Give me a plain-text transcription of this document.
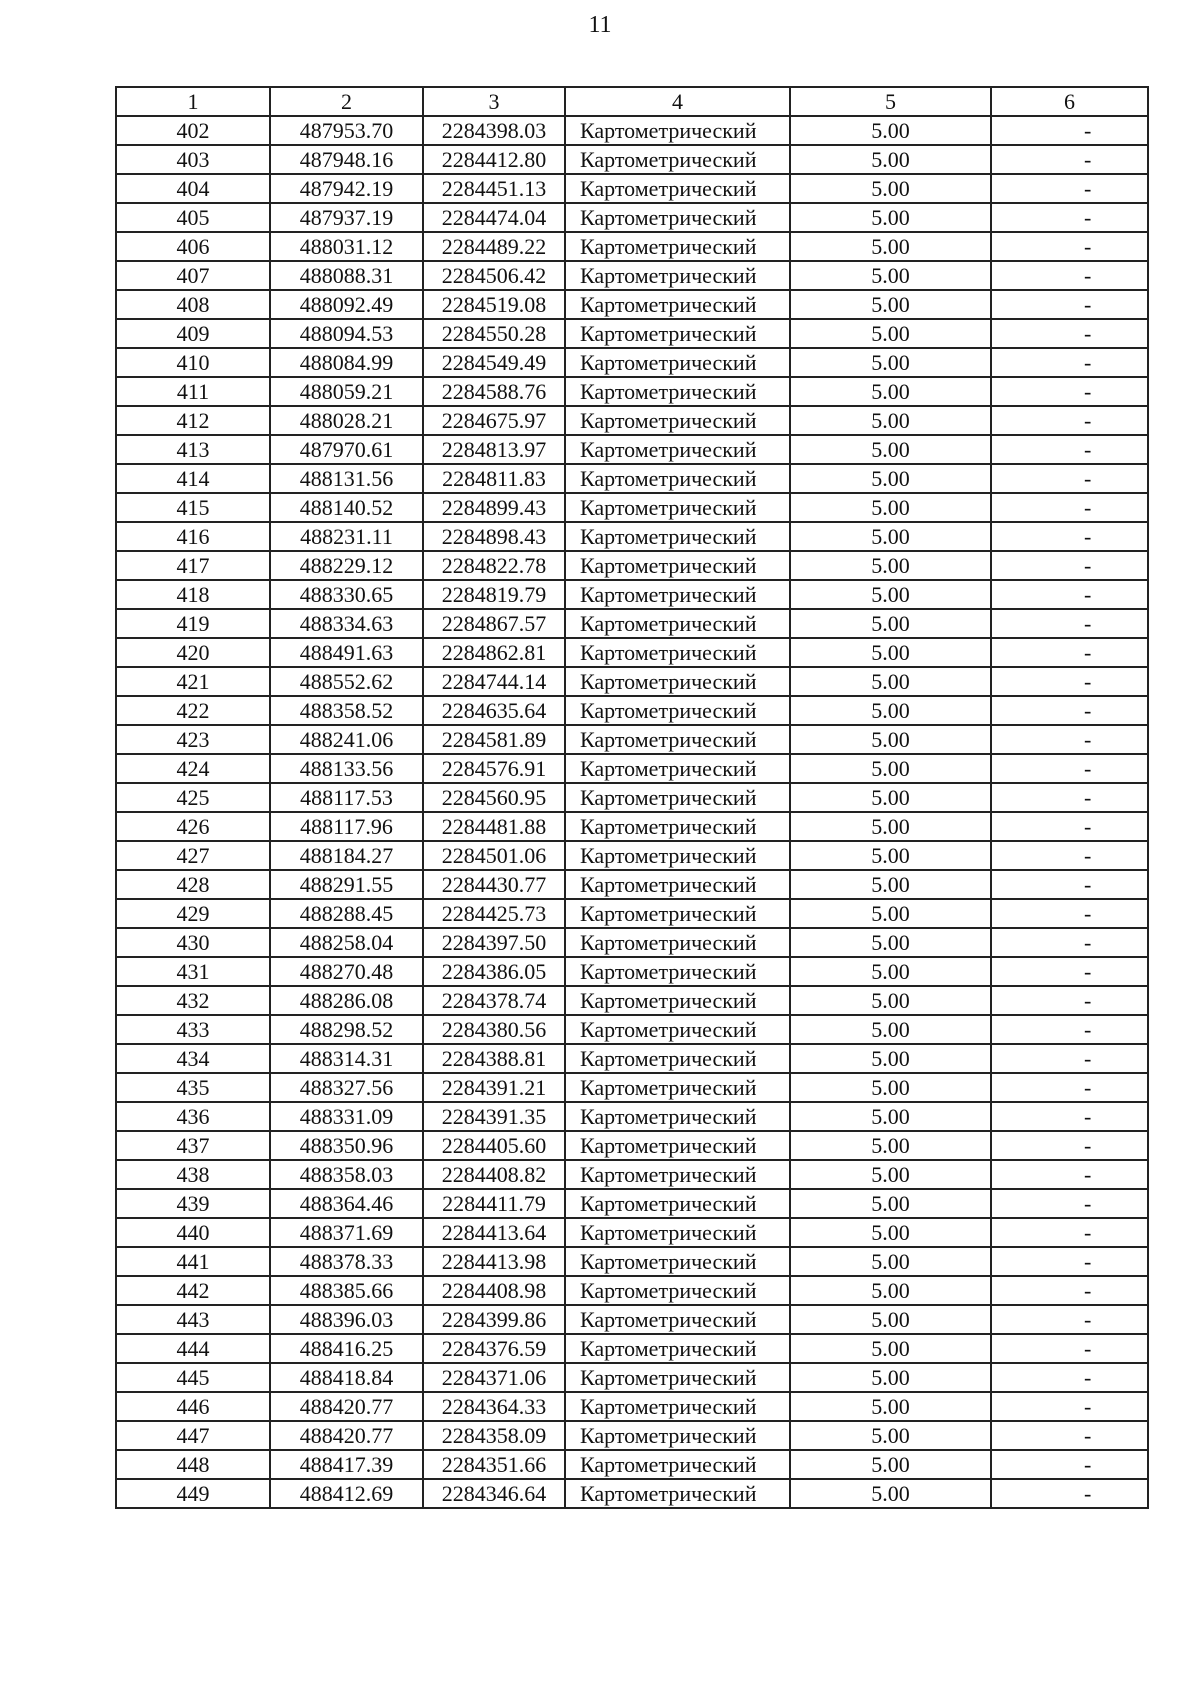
11
1	2	3	4	5	6
402	487953.70	2284398.03	Картометрический	5.00	-
403	487948.16	2284412.80	Картометрический	5.00	-
404	487942.19	2284451.13	Картометрический	5.00	-
405	487937.19	2284474.04	Картометрический	5.00	-
406	488031.12	2284489.22	Картометрический	5.00	-
407	488088.31	2284506.42	Картометрический	5.00	-
408	488092.49	2284519.08	Картометрический	5.00	-
409	488094.53	2284550.28	Картометрический	5.00	-
410	488084.99	2284549.49	Картометрический	5.00	-
411	488059.21	2284588.76	Картометрический	5.00	-
412	488028.21	2284675.97	Картометрический	5.00	-
413	487970.61	2284813.97	Картометрический	5.00	-
414	488131.56	2284811.83	Картометрический	5.00	-
415	488140.52	2284899.43	Картометрический	5.00	-
416	488231.11	2284898.43	Картометрический	5.00	-
417	488229.12	2284822.78	Картометрический	5.00	-
418	488330.65	2284819.79	Картометрический	5.00	-
419	488334.63	2284867.57	Картометрический	5.00	-
420	488491.63	2284862.81	Картометрический	5.00	-
421	488552.62	2284744.14	Картометрический	5.00	-
422	488358.52	2284635.64	Картометрический	5.00	-
423	488241.06	2284581.89	Картометрический	5.00	-
424	488133.56	2284576.91	Картометрический	5.00	-
425	488117.53	2284560.95	Картометрический	5.00	-
426	488117.96	2284481.88	Картометрический	5.00	-
427	488184.27	2284501.06	Картометрический	5.00	-
428	488291.55	2284430.77	Картометрический	5.00	-
429	488288.45	2284425.73	Картометрический	5.00	-
430	488258.04	2284397.50	Картометрический	5.00	-
431	488270.48	2284386.05	Картометрический	5.00	-
432	488286.08	2284378.74	Картометрический	5.00	-
433	488298.52	2284380.56	Картометрический	5.00	-
434	488314.31	2284388.81	Картометрический	5.00	-
435	488327.56	2284391.21	Картометрический	5.00	-
436	488331.09	2284391.35	Картометрический	5.00	-
437	488350.96	2284405.60	Картометрический	5.00	-
438	488358.03	2284408.82	Картометрический	5.00	-
439	488364.46	2284411.79	Картометрический	5.00	-
440	488371.69	2284413.64	Картометрический	5.00	-
441	488378.33	2284413.98	Картометрический	5.00	-
442	488385.66	2284408.98	Картометрический	5.00	-
443	488396.03	2284399.86	Картометрический	5.00	-
444	488416.25	2284376.59	Картометрический	5.00	-
445	488418.84	2284371.06	Картометрический	5.00	-
446	488420.77	2284364.33	Картометрический	5.00	-
447	488420.77	2284358.09	Картометрический	5.00	-
448	488417.39	2284351.66	Картометрический	5.00	-
449	488412.69	2284346.64	Картометрический	5.00	-
